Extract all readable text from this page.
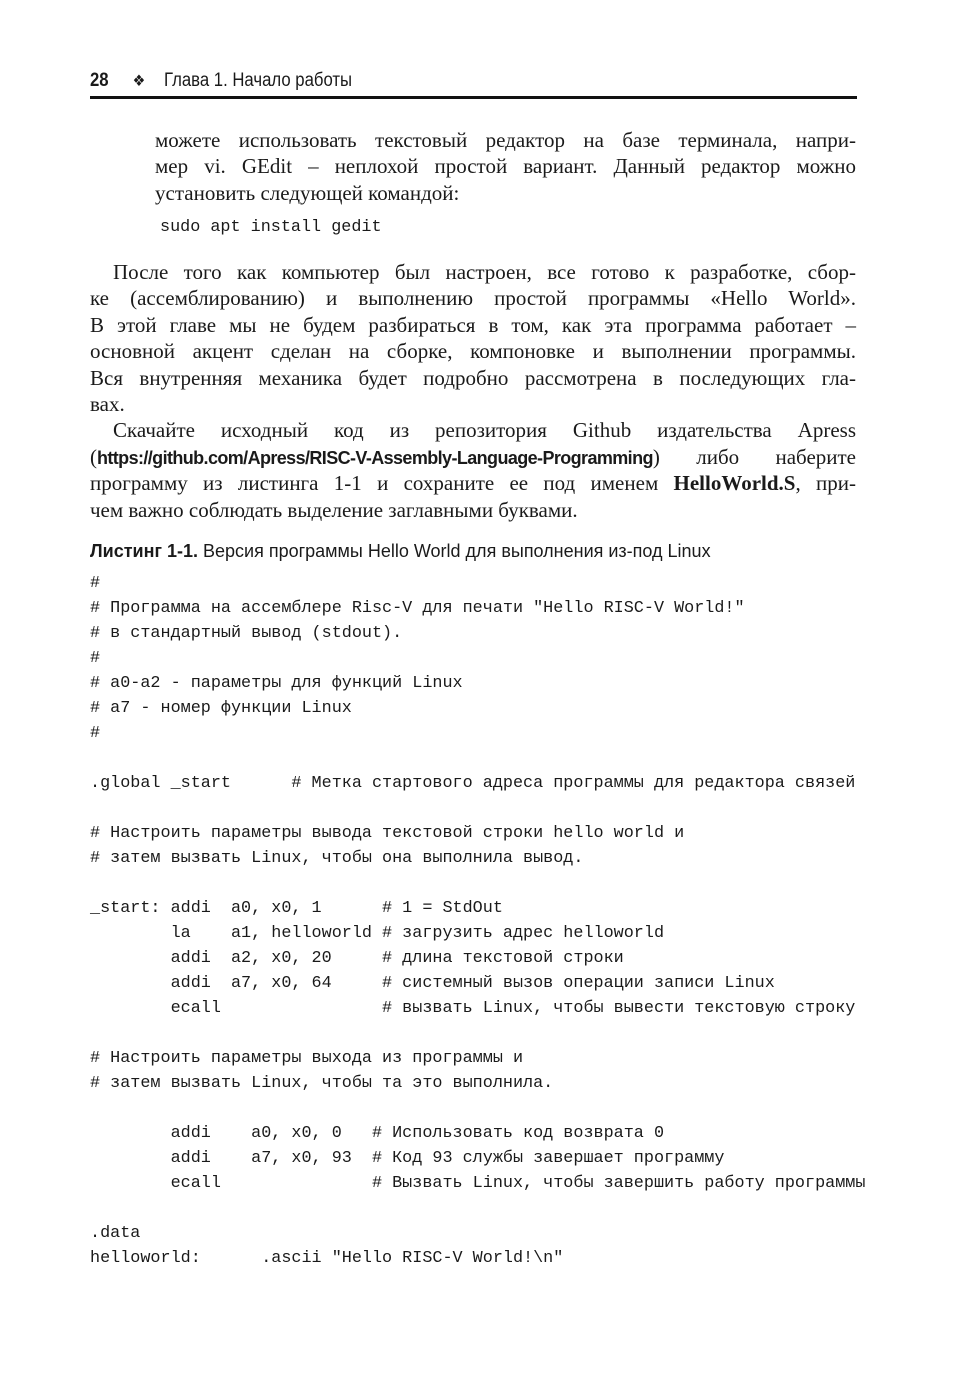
28 ❖ Глава 1. Начало работы
можете использовать текстовый редактор на базе терминала, напри-
мер vi. GEdit – неплохой простой вариант. Данный редактор можно
установить следующей командой:
sudo apt install gedit
После того как компьютер был настроен, все готово к разработке, сбор-
ке (ассемблированию) и выполнению простой программы «Hello World».
В этой главе мы не будем разбираться в том, как эта программа работает –
основной акцент сделан на сборке, компоновке и выполнении программы.
Вся внутренняя механика будет подробно рассмотрена в последующих гла-
вах.
Скачайте исходный код из репозитория Github издательства Apress
(https://github.com/Apress/RISC-V-Assembly-Language-Programming) либо наберите
программу из листинга 1-1 и сохраните ее под именем HelloWorld.S, при-
чем важно соблюдать выделение заглавными буквами.
Листинг 1-1. Версия программы Hello World для выполнения из-под Linux
#
# Программа на ассемблере Risc-V для печати "Hello RISC-V World!"
# в стандартный вывод (stdout).
#
# a0-a2 - параметры для функций Linux
# a7 - номер функции Linux
#
.global _start      # Метка стартового адреса программы для редактора связей
# Настроить параметры вывода текстовой строки hello world и
# затем вызвать Linux, чтобы она выполнила вывод.
_start: addi  a0, x0, 1      # 1 = StdOut
la    a1, helloworld # загрузить адрес helloworld
addi  a2, x0, 20     # длина текстовой строки
addi  a7, x0, 64     # системный вызов операции записи Linux
ecall                # вызвать Linux, чтобы вывести текстовую строку
# Настроить параметры выхода из программы и
# затем вызвать Linux, чтобы та это выполнила.
addi    a0, x0, 0   # Использовать код возврата 0
addi    a7, x0, 93  # Код 93 службы завершает программу
ecall               # Вызвать Linux, чтобы завершить работу программы
.data
helloworld:      .ascii "Hello RISC-V World!\n"
